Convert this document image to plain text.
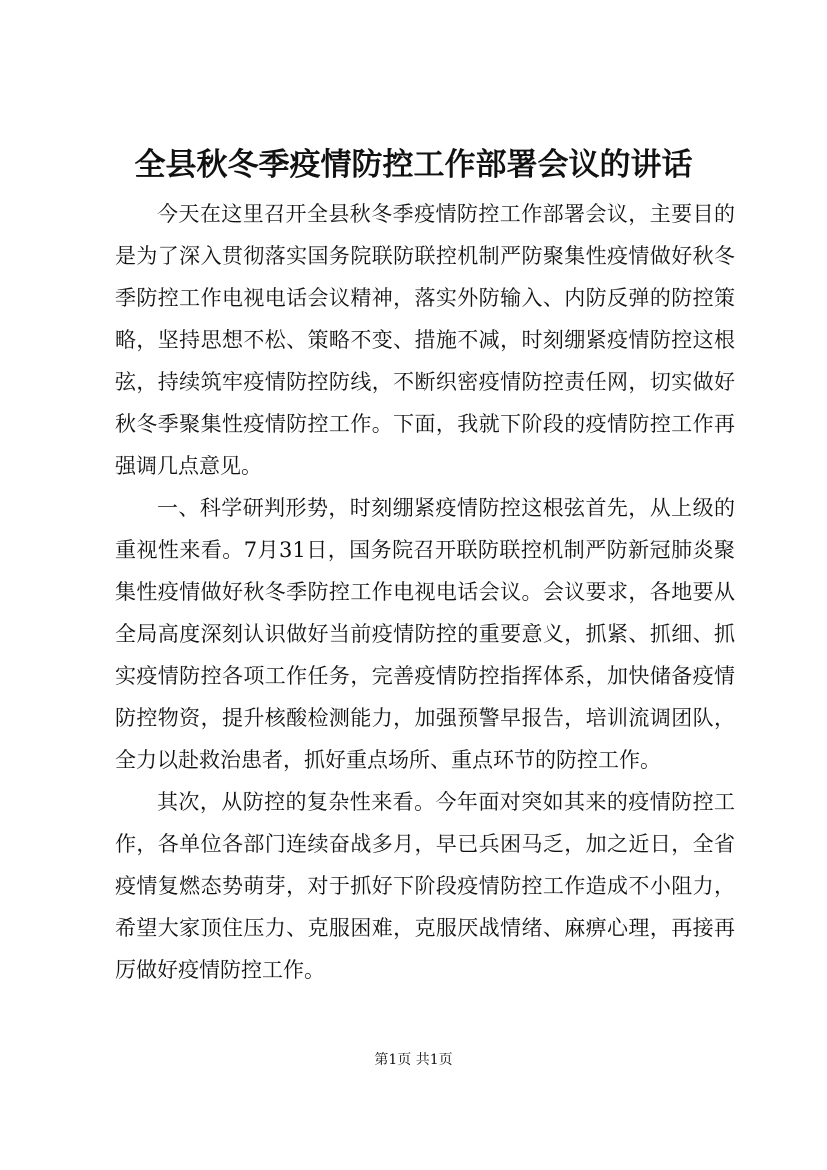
全县秋冬季疫情防控工作部署会议的讲话

今天在这里召开全县秋冬季疫情防控工作部署会议，主要目的是为了深入贯彻落实国务院联防联控机制严防聚集性疫情做好秋冬季防控工作电视电话会议精神，落实外防输入、内防反弹的防控策略，坚持思想不松、策略不变、措施不减，时刻绷紧疫情防控这根弦，持续筑牢疫情防控防线，不断织密疫情防控责任网，切实做好秋冬季聚集性疫情防控工作。下面，我就下阶段的疫情防控工作再强调几点意见。

一、科学研判形势，时刻绷紧疫情防控这根弦首先，从上级的重视性来看。7月31日，国务院召开联防联控机制严防新冠肺炎聚集性疫情做好秋冬季防控工作电视电话会议。会议要求，各地要从全局高度深刻认识做好当前疫情防控的重要意义，抓紧、抓细、抓实疫情防控各项工作任务，完善疫情防控指挥体系，加快储备疫情防控物资，提升核酸检测能力，加强预警早报告，培训流调团队，全力以赴救治患者，抓好重点场所、重点环节的防控工作。

其次，从防控的复杂性来看。今年面对突如其来的疫情防控工作，各单位各部门连续奋战多月，早已兵困马乏，加之近日，全省疫情复燃态势萌芽，对于抓好下阶段疫情防控工作造成不小阻力，希望大家顶住压力、克服困难，克服厌战情绪、麻痹心理，再接再厉做好疫情防控工作。

第1页 共1页
